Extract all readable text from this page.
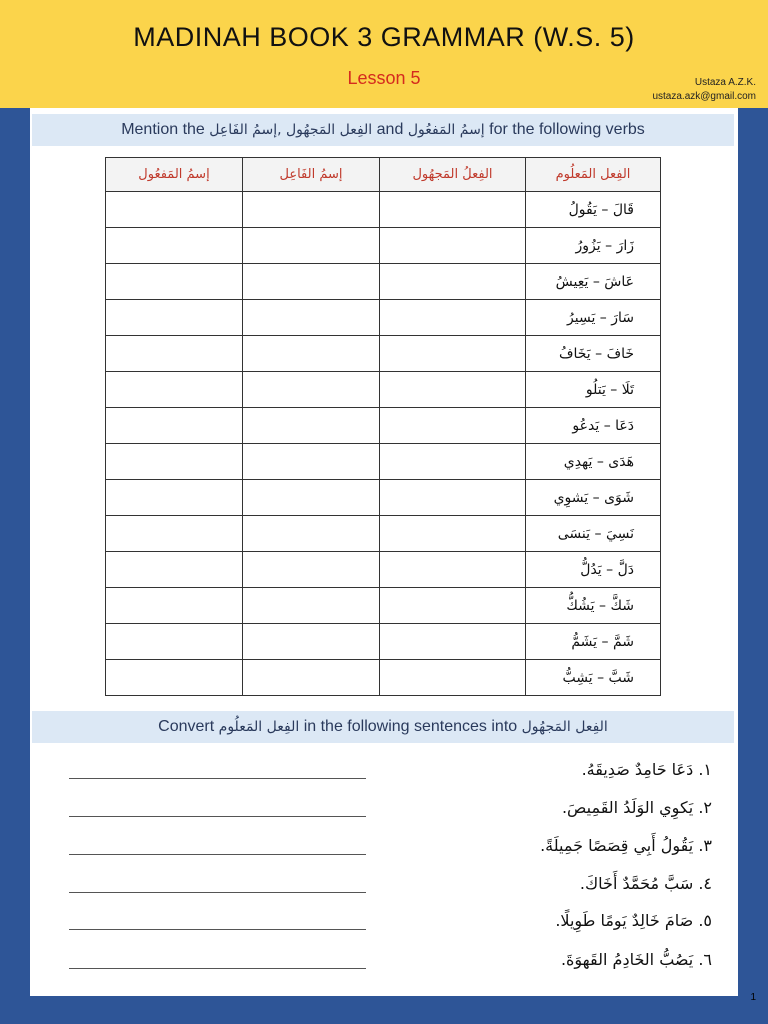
MADINAH BOOK 3 GRAMMAR (W.S. 5)
Lesson 5	Ustaza A.Z.K.
ustaza.azk@gmail.com
Mention the الفِعل المَجهُول ,إسمُ الفَاعِل and إسمُ المَفعُول for the following verbs
إسمُ المَفعُول	إسمُ الفَاعِل	الفِعلُ المَجهُول	الفِعل المَعلُوم
			قَالَ – يَقُولُ
			زَارَ – يَزُورُ
			عَاشَ – يَعِيشُ
			سَارَ – يَسِيرُ
			خَافَ – يَخَافُ
			تَلَا – يَتلُو
			دَعَا – يَدعُو
			هَدَى – يَهدِي
			شَوَى – يَشوِي
			نَسِيَ – يَنسَى
			دَلَّ – يَدُلُّ
			شَكَّ – يَشُكُّ
			شَمَّ – يَشَمُّ
			شَبَّ – يَشِبُّ
Convert الفِعل المَعلُوم in the following sentences into الفِعل المَجهُول
١. دَعَا حَامِدٌ صَدِيقَهُ.
٢. يَكوِي الوَلَدُ القَمِيصَ.
٣. يَقُولُ أَبِي قِصَصًا جَمِيلَةً.
٤. سَبَّ مُحَمَّدٌ أَخَاكَ.
٥. صَامَ خَالِدٌ يَومًا طَوِيلًا.
٦. يَصُبُّ الخَادِمُ القَهوَةَ.
1
